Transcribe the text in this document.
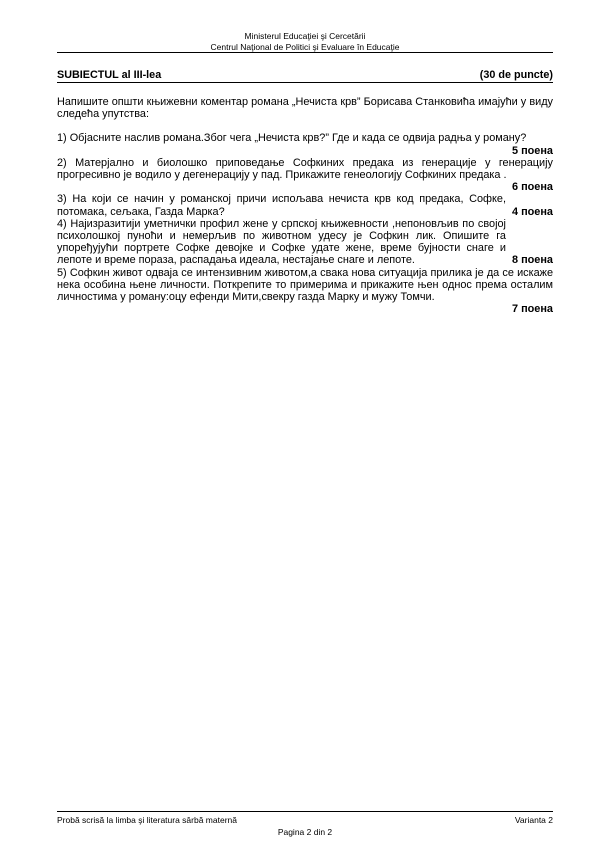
Ministerul Educaţiei şi Cercetării
Centrul Naţional de Politici şi Evaluare în Educaţie
SUBIECTUL al III-lea	(30 de puncte)

Напишите општи књижевни коментар романа „Нечиста крв” Борисава Станковића имајући у виду следећа упутства:

1) Објасните наслив романа.Због чега „Нечиста крв?” Где и када се одвија радња у роману?
5 поена
2) Матерјално и биолошко приповедање Софкиних предака из генерације у генерацију прогресивно је водило у дегенерацију у пад. Прикажите генеологију Софкиних предака .
6 поена
4 поена
3) На који се начин у романској причи испољава нечиста крв код предака, Софке, потомака, сељака, Газда Марка?
8 поена
4) Најизразитији уметнички профил жене у српској књижевности ,непоновљив по својој психолошкој пуноћи и немерљив по животном удесу је Софкин лик. Опишите га упоређујући портрете Софке девојке и Софке удате жене, време бујности снаге и лепоте и време пораза, распадања идеала, нестајање снаге и лепоте.
5) Софкин живот одваја се интензивним животом,а свака нова ситуација прилика је да се искаже нека особина њене личности. Поткрепите то примерима и прикажите њен однос према осталим личностима у роману:оцу ефенди Мити,свекру газда Марку и мужу Томчи.
7 поена
Probă scrisă la limba şi literatura sârbă maternă	Varianta 2
Pagina 2 din 2
